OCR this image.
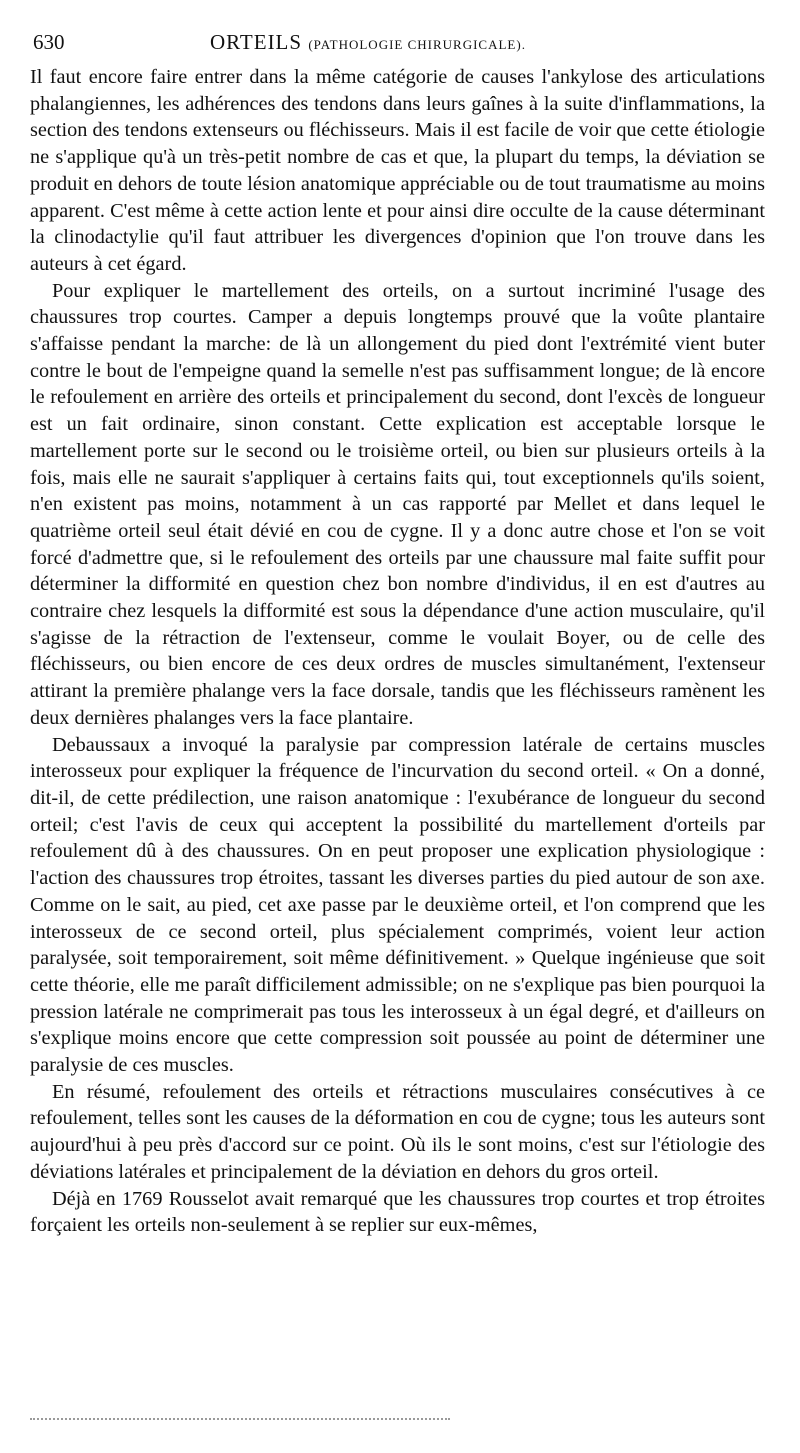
630	ORTEILS (PATHOLOGIE CHIRURGICALE).

Il faut encore faire entrer dans la même catégorie de causes l'ankylose des articulations phalangiennes, les adhérences des tendons dans leurs gaînes à la suite d'inflammations, la section des tendons extenseurs ou fléchisseurs. Mais il est facile de voir que cette étiologie ne s'applique qu'à un très-petit nombre de cas et que, la plupart du temps, la déviation se produit en dehors de toute lésion anatomique appréciable ou de tout traumatisme au moins apparent. C'est même à cette action lente et pour ainsi dire occulte de la cause déterminant la clinodactylie qu'il faut attribuer les divergences d'opinion que l'on trouve dans les auteurs à cet égard.

Pour expliquer le martellement des orteils, on a surtout incriminé l'usage des chaussures trop courtes. Camper a depuis longtemps prouvé que la voûte plantaire s'affaisse pendant la marche: de là un allongement du pied dont l'extrémité vient buter contre le bout de l'empeigne quand la semelle n'est pas suffisamment longue; de là encore le refoulement en arrière des orteils et principalement du second, dont l'excès de longueur est un fait ordinaire, sinon constant. Cette explication est acceptable lorsque le martellement porte sur le second ou le troisième orteil, ou bien sur plusieurs orteils à la fois, mais elle ne saurait s'appliquer à certains faits qui, tout exceptionnels qu'ils soient, n'en existent pas moins, notamment à un cas rapporté par Mellet et dans lequel le quatrième orteil seul était dévié en cou de cygne. Il y a donc autre chose et l'on se voit forcé d'admettre que, si le refoulement des orteils par une chaussure mal faite suffit pour déterminer la difformité en question chez bon nombre d'individus, il en est d'autres au contraire chez lesquels la difformité est sous la dépendance d'une action musculaire, qu'il s'agisse de la rétraction de l'extenseur, comme le voulait Boyer, ou de celle des fléchisseurs, ou bien encore de ces deux ordres de muscles simultanément, l'extenseur attirant la première phalange vers la face dorsale, tandis que les fléchisseurs ramènent les deux dernières phalanges vers la face plantaire.

Debaussaux a invoqué la paralysie par compression latérale de certains muscles interosseux pour expliquer la fréquence de l'incurvation du second orteil. « On a donné, dit-il, de cette prédilection, une raison anatomique : l'exubérance de longueur du second orteil; c'est l'avis de ceux qui acceptent la possibilité du martellement d'orteils par refoulement dû à des chaussures. On en peut proposer une explication physiologique : l'action des chaussures trop étroites, tassant les diverses parties du pied autour de son axe. Comme on le sait, au pied, cet axe passe par le deuxième orteil, et l'on comprend que les interosseux de ce second orteil, plus spécialement comprimés, voient leur action paralysée, soit temporairement, soit même définitivement. » Quelque ingénieuse que soit cette théorie, elle me paraît difficilement admissible; on ne s'explique pas bien pourquoi la pression latérale ne comprimerait pas tous les interosseux à un égal degré, et d'ailleurs on s'explique moins encore que cette compression soit poussée au point de déterminer une paralysie de ces muscles.

En résumé, refoulement des orteils et rétractions musculaires consécutives à ce refoulement, telles sont les causes de la déformation en cou de cygne; tous les auteurs sont aujourd'hui à peu près d'accord sur ce point. Où ils le sont moins, c'est sur l'étiologie des déviations latérales et principalement de la déviation en dehors du gros orteil.

Déjà en 1769 Rousselot avait remarqué que les chaussures trop courtes et trop étroites forçaient les orteils non-seulement à se replier sur eux-mêmes,
